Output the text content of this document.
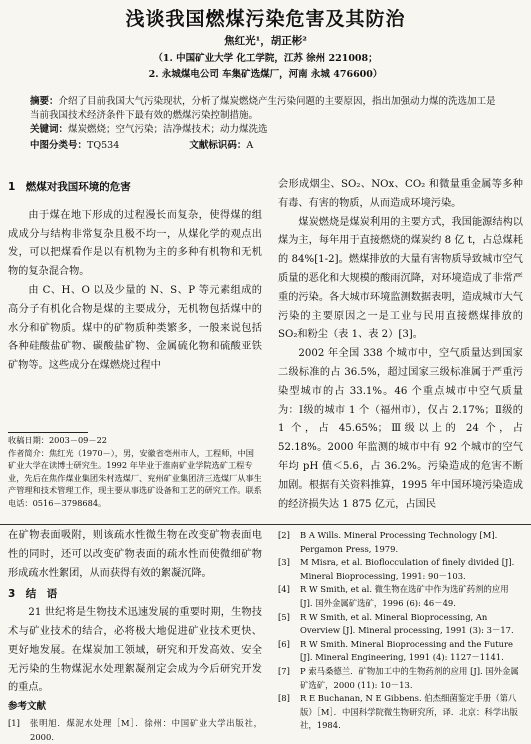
浅谈我国燃煤污染危害及其防治
焦红光¹，胡正彬²
（1. 中国矿业大学 化工学院，江苏 徐州 221008；
2. 永城煤电公司 车集矿选煤厂，河南 永城 476600）
摘要：介绍了目前我国大气污染现状，分析了煤炭燃烧产生污染问题的主要原因，指出加强动力煤的洗选加工是当前我国技术经济条件下最有效的燃煤污染控制措施。
关键词：煤炭燃烧；空气污染；洁净煤技术；动力煤洗选
中图分类号：TQ534	文献标识码：A
1　燃煤对我国环境的危害

由于煤在地下形成的过程漫长而复杂，使得煤的组成成分与结构非常复杂且极不均一，从煤化学的观点出发，可以把煤看作是以有机物为主的多种有机物和无机物的复杂混合物。

由 C、H、O 以及少量的 N、S、P 等元素组成的高分子有机化合物是煤的主要成分，无机物包括煤中的水分和矿物质。煤中的矿物质种类繁多，一般来说包括各种硅酸盐矿物、碳酸盐矿物、金属硫化物和硫酸亚铁矿物等。这些成分在煤燃烧过程中

收稿日期：2003－09－22
作者简介：焦红光（1970－），男，安徽省亳州市人，工程师，中国矿业大学在读博士研究生。1992 年毕业于淮南矿业学院选矿工程专业，先后在焦作煤业集团朱村选煤厂、兖州矿业集团济三选煤厂从事生产管理和技术管理工作，现主要从事选矿设备和工艺的研究工作。联系电话：0516－3798684。
会形成烟尘、SO₂、NOx、CO₂ 和微量重金属等多种有毒、有害的物质，从而造成环境污染。

煤炭燃烧是煤炭利用的主要方式，我国能源结构以煤为主，每年用于直接燃烧的煤炭约 8 亿 t，占总煤耗的 84%[1-2]。燃煤排放的大量有害物质导致城市空气质量的恶化和大规模的酸雨沉降，对环境造成了非常严重的污染。各大城市环境监测数据表明，造成城市大气污染的主要原因之一是工业与民用直接燃煤排放的 SO₂和粉尘（表 1、表 2）[3]。

2002 年全国 338 个城市中，空气质量达到国家二级标准的占 36.5%，超过国家三级标准属于严重污染型城市的占 33.1%。46 个重点城市中空气质量为：Ⅰ级的城市 1 个（福州市），仅占 2.17%；Ⅱ级的 1 个，占 45.65%；Ⅲ级以上的 24 个，占 52.18%。2000 年监测的城市中有 92 个城市的空气年均 pH 值＜5.6，占 36.2%。污染造成的危害不断加剧。根据有关资料推算，1995 年中国环境污染造成的经济损失达 1 875 亿元，占国民

在矿物表面吸附，则该疏水性微生物在改变矿物表面电性的同时，还可以改变矿物表面的疏水性而使微细矿物形成疏水性絮团，从而获得有效的絮凝沉降。
3　结　语

21 世纪将是生物技术迅速发展的重要时期，生物技术与矿业技术的结合，必将极大地促进矿业技术更快、更好地发展。在煤炭加工领域，研究和开发高效、安全无污染的生物煤泥水处理絮凝剂定会成为今后研究开发的重点。

参考文献
[1]	张明旭．煤泥水处理［M］．徐州：中国矿业大学出版社，2000．
[2]	B A Wills. Mineral Processing Technology [M]. Pergamon Press, 1979.
[3]	M Misra, et al. Bioflocculation of finely divided [J]. Mineral Bioprocessing, 1991: 90－103.
[4]	R W Smith, et al. 微生物在选矿中作为选矿药剂的应用 [J]. 国外金属矿选矿，1996 (6): 46－49.
[5]	R W Smith, et al. Mineral Bioprocessing, An Overview [J]. Mineral processing, 1991 (3): 3－17.
[6]	R W Smith. Mineral Bioprocessing and the Future [J]. Mineral Engineering, 1991 (4): 1127－1141.
[7]	P 索马桑德兰．矿物加工中的生物药剂的应用 [J]. 国外金属矿选矿，2000 (11): 10－13.
[8]	R E Buchanan, N E Gibbens. 伯杰细菌鉴定手册（第八版）［M］．中国科学院微生物研究所，译．北京：科学出版社，1984.
